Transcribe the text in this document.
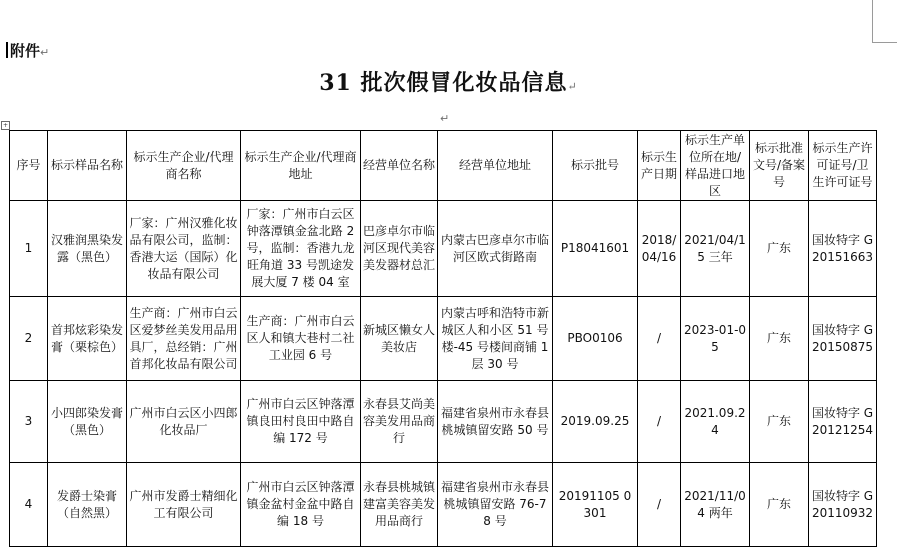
附件↵
31 批次假冒化妆品信息↵
↵
+
序号	标示样品名称	标示生产企业/代理商名称	标示生产企业/代理商地址	经营单位名称	经营单位地址	标示批号	标示生产日期	标示生产单位所在地/样品进口地区	标示批准文号/备案号	标示生产许可证号/卫生许可证号
1	汉雅润黑染发露（黑色）	厂家：广州汉雅化妆品有限公司，监制：香港大运（国际）化妆品有限公司	厂家：广州市白云区钟落潭镇金盆北路 2 号，监制：香港九龙旺角道 33 号凯途发展大厦 7 楼 04 室	巴彦卓尔市临河区现代美容美发器材总汇	内蒙古巴彦卓尔市临河区欧式街路南	P18041601	2018/04/16	2021/04/15 三年	广东	国妆特字 G20151663
2	首邦炫彩染发膏（栗棕色）	生产商：广州市白云区爱梦丝美发用品用具厂，总经销：广州首邦化妆品有限公司	生产商：广州市白云区人和镇大巷村二社工业园 6 号	新城区懒女人美妆店	内蒙古呼和浩特市新城区人和小区 51 号楼-45 号楼间商铺 1 层 30 号	PBO0106	/	2023-01-05	广东	国妆特字 G20150875
3	小四郎染发膏（黑色）	广州市白云区小四郎化妆品厂	广州市白云区钟落潭镇良田村良田中路自编 172 号	永春县艾尚美容美发用品商行	福建省泉州市永春县桃城镇留安路 50 号	2019.09.25	/	2021.09.24	广东	国妆特字 G20121254
4	发爵士染膏（自然黑）	广州市发爵士精细化工有限公司	广州市白云区钟落潭镇金盆村金盆中路自编 18 号	永春县桃城镇建富美容美发用品商行	福建省泉州市永春县桃城镇留安路 76-78 号	20191105 0301	/	2021/11/04 两年	广东	国妆特字 G20110932
